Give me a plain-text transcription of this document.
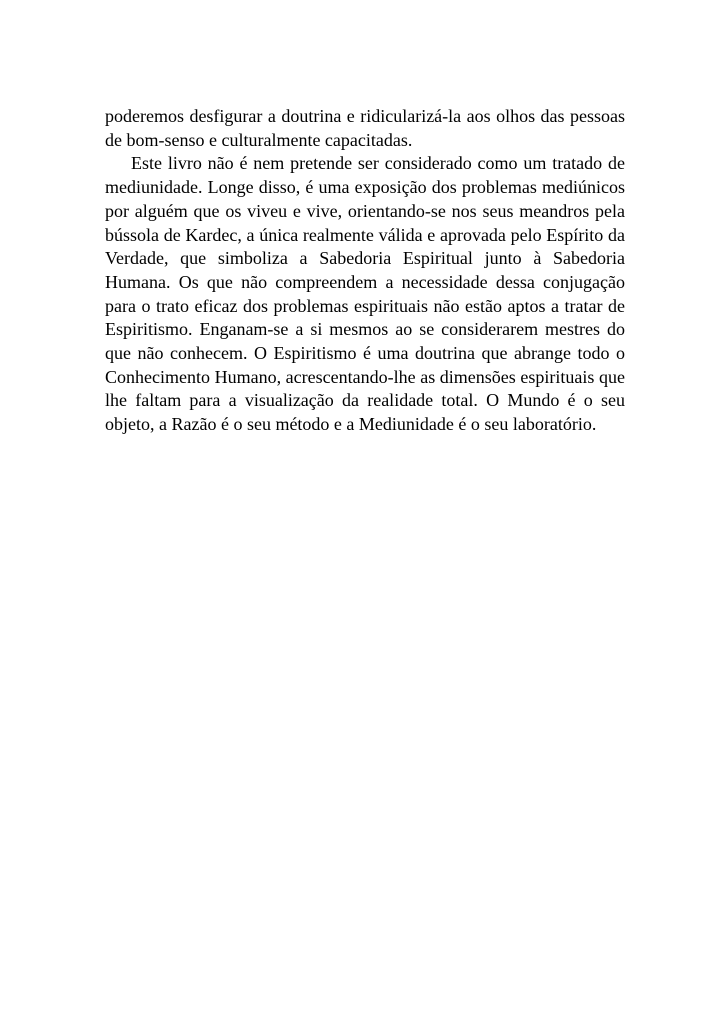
poderemos desfigurar a doutrina e ridicularizá-la aos olhos das pessoas de bom-senso e culturalmente capacitadas.

Este livro não é nem pretende ser considerado como um tratado de mediunidade. Longe disso, é uma exposição dos problemas mediúnicos por alguém que os viveu e vive, orientando-se nos seus meandros pela bússola de Kardec, a única realmente válida e aprovada pelo Espírito da Verdade, que simboliza a Sabedoria Espiritual junto à Sabedoria Humana. Os que não compreendem a necessidade dessa conjugação para o trato eficaz dos problemas espirituais não estão aptos a tratar de Espiritismo. Enganam-se a si mesmos ao se considerarem mestres do que não conhecem. O Espiritismo é uma doutrina que abrange todo o Conhecimento Humano, acrescentando-lhe as dimensões espirituais que lhe faltam para a visualização da realidade total. O Mundo é o seu objeto, a Razão é o seu método e a Mediunidade é o seu laboratório.
